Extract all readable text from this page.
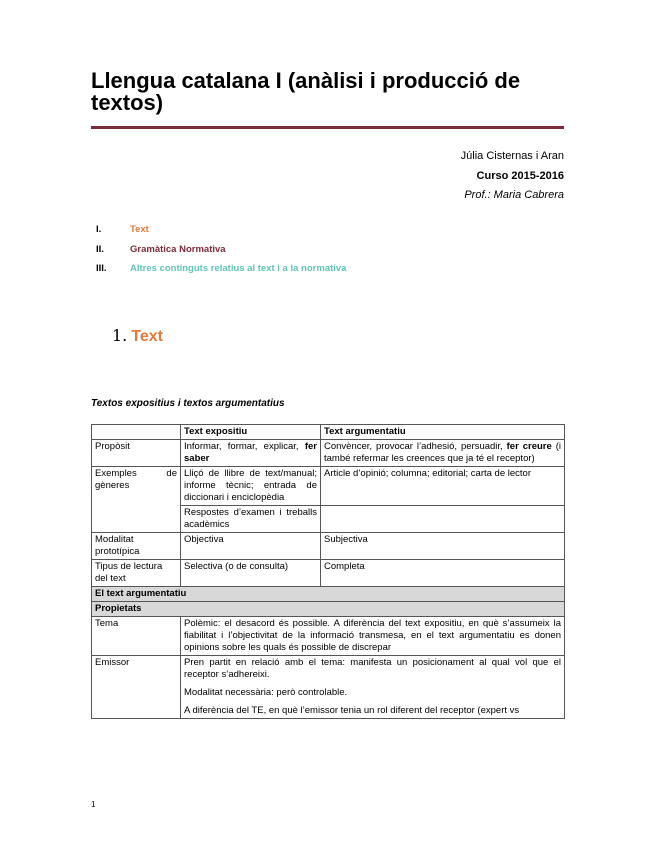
Llengua catalana I (anàlisi i producció de textos)
Júlia Cisternas i Aran
Curso 2015-2016
Prof.: Maria Cabrera
I.	Text
II.	Gramàtica Normativa
III.	Altres continguts relatius al text i a la normativa
1. Text
Textos expositius i textos argumentatius
	Text expositiu	Text argumentatiu
Propòsit	Informar, formar, explicar, fer saber	Convèncer, provocar l’adhesió, persuadir, fer creure (i també refermar les creences que ja té el receptor)
Exemples de gèneres	Lliçó de llibre de text/manual; informe tècnic; entrada de diccionari i enciclopèdia	Article d’opinió; columna; editorial; carta de lector
	Respostes d’examen i treballs acadèmics	
Modalitat prototípica	Objectiva	Subjectiva
Tipus de lectura del text	Selectiva (o de consulta)	Completa
El text argumentatiu		
Propietats		
Tema	Polèmic: el desacord és possible. A diferència del text expositiu, en què s’assumeix la fiabilitat i l’objectivitat de la informació transmesa, en el text argumentatiu es donen opinions sobre les quals és possible de discrepar	

Emissor	Pren partit en relació amb el tema: manifesta un posicionament al qual vol que el receptor s’adhereixi.
Modalitat necessària: però controlable.
A diferència del TE, en què l’emissor tenia un rol diferent del receptor (expert vs	
1
